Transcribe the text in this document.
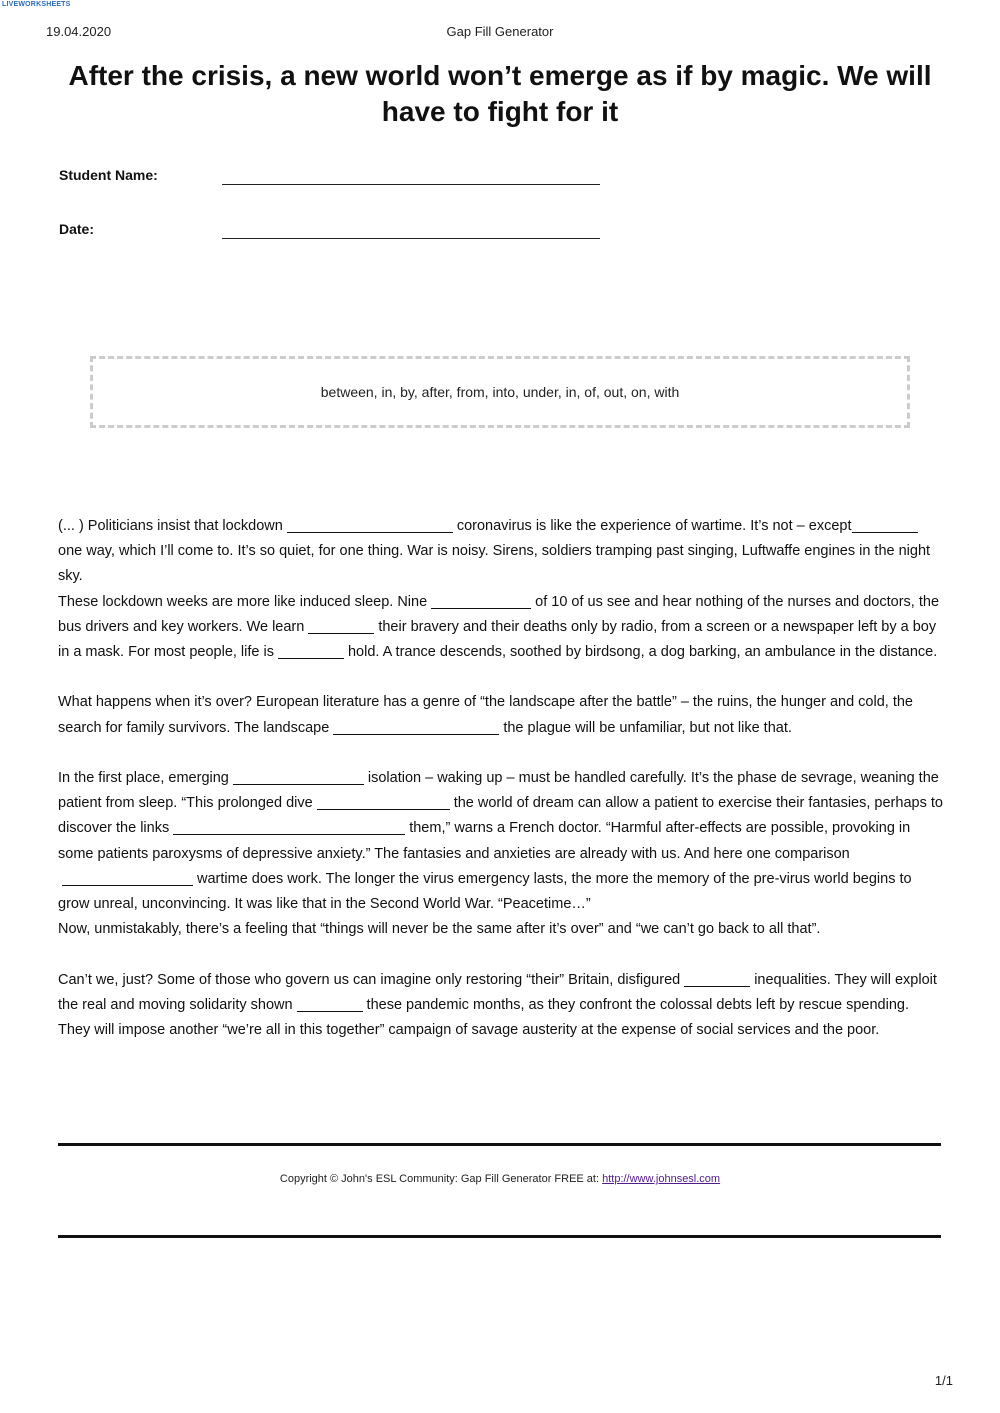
LIVEWORKSHEETS
19.04.2020	Gap Fill Generator
After the crisis, a new world won’t emerge as if by magic. We will have to fight for it
Student Name:
Date:
between, in, by, after, from, into, under, in, of, out, on, with

(... ) Politicians insist that lockdown	coronavirus is like the experience of wartime. It’s not – exceptone way, which I’ll come to. It’s so quiet, for one thing. War is noisy. Sirens, soldiers tramping past singing, Luftwaffe engines in the night sky.
These lockdown weeks are more like induced sleep. Nine	of 10 of us see and hear nothing of the nurses and doctors, the bus drivers and key workers. We learn	their bravery and their deaths only by radio, from a screen or a newspaper left by a boy in a mask. For most people, life is	hold. A trance descends, soothed by birdsong, a dog barking, an ambulance in the distance.

What happens when it’s over? European literature has a genre of “the landscape after the battle” – the ruins, the hunger and cold, the search for family survivors. The landscape	the plague will be unfamiliar, but not like that.

In the first place, emerging	isolation – waking up – must be handled carefully. It’s the phase de sevrage, weaning the patient from sleep. “This prolonged dive	the world of dream can allow a patient to exercise their fantasies, perhaps to discover the links	them,” warns a French doctor. “Harmful after-effects are possible, provoking in some patients paroxysms of depressive anxiety.” The fantasies and anxieties are already with us. And here one comparisonwartime does work. The longer the virus emergency lasts, the more the memory of the pre-virus world begins to grow unreal, unconvincing. It was like that in the Second World War. “Peacetime…”
Now, unmistakably, there’s a feeling that “things will never be the same after it’s over” and “we can’t go back to all that”.

Can’t we, just? Some of those who govern us can imagine only restoring “their” Britain, disfigured	inequalities. They will exploit the real and moving solidarity shown	these pandemic months, as they confront the colossal debts left by rescue spending. They will impose another “we’re all in this together” campaign of savage austerity at the expense of social services and the poor.

Copyright © John's ESL Community: Gap Fill Generator FREE at: http://www.johnsesl.com
1/1
